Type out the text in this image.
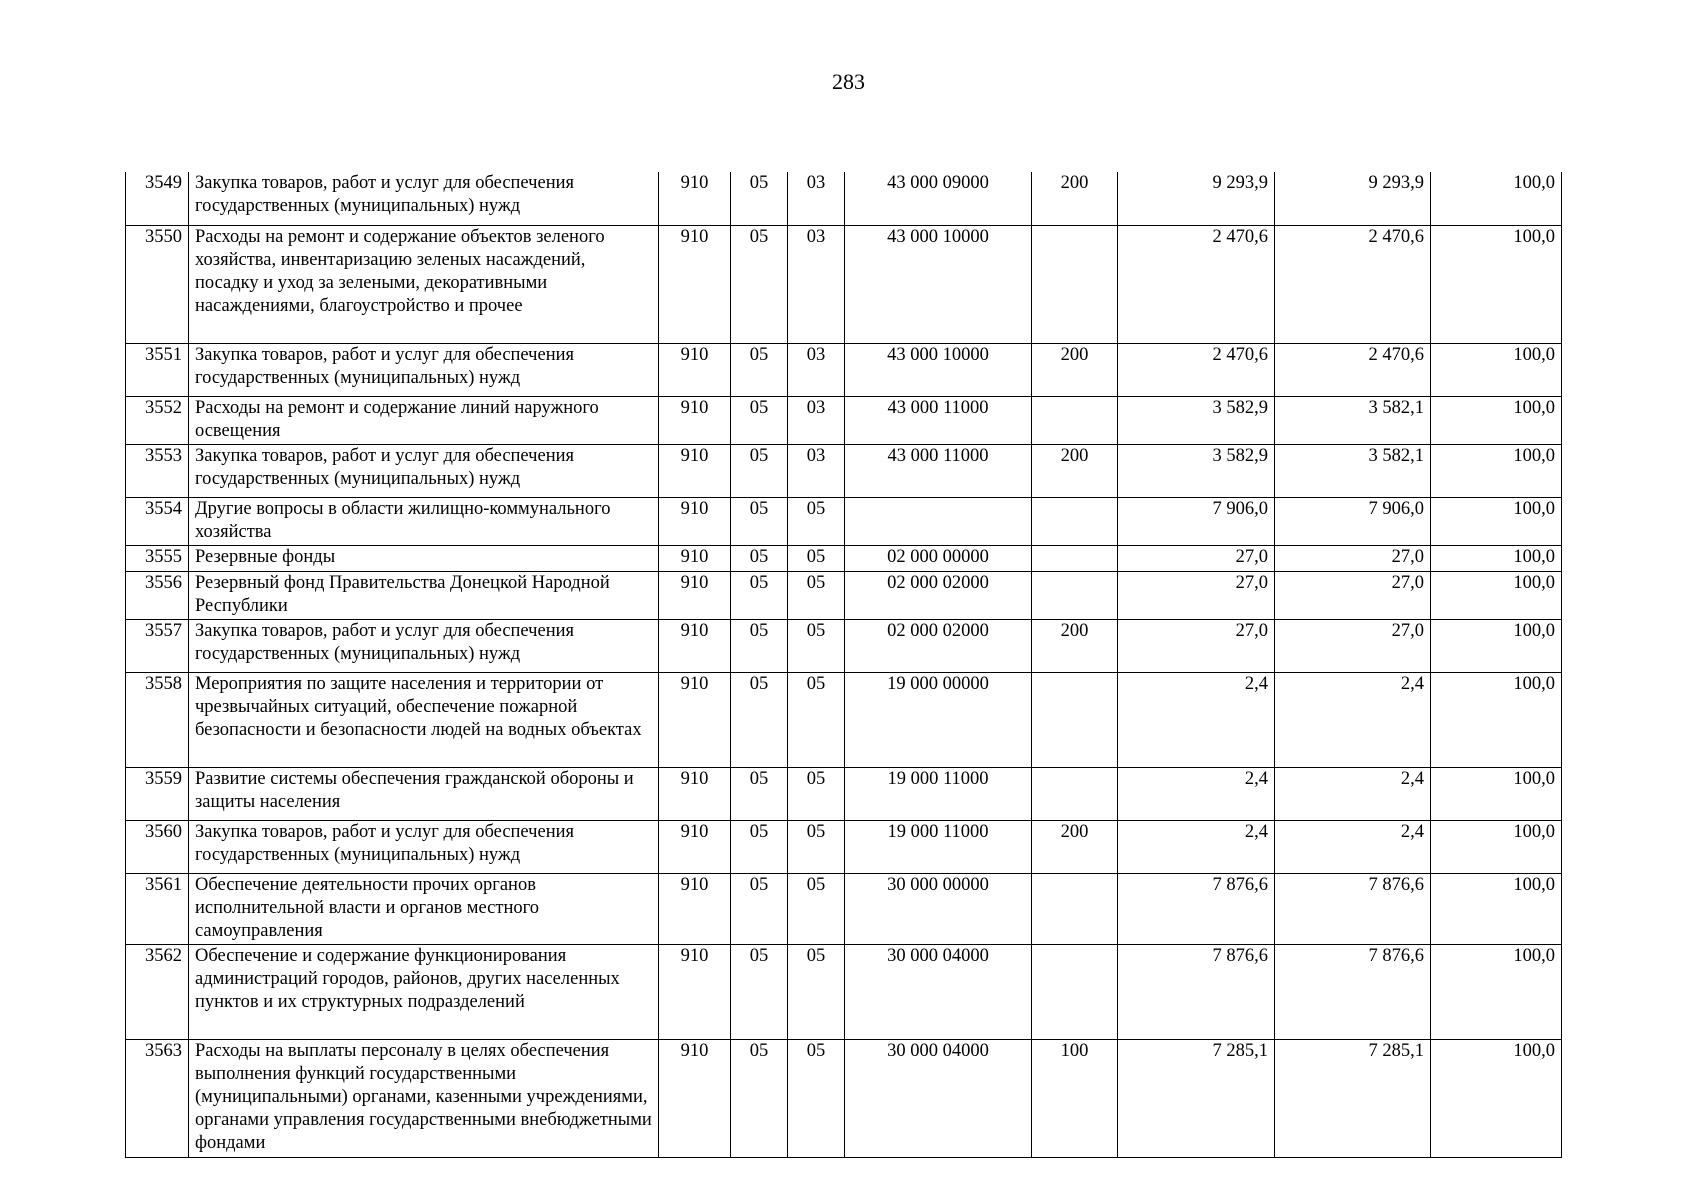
283
3549	Закупка товаров, работ и услуг для обеспечения государственных (муниципальных) нужд	910	05	03	43 000 09000	200	9 293,9	9 293,9	100,0
3550	Расходы на ремонт и содержание объектов зеленого хозяйства, инвентаризацию зеленых насаждений, посадку и уход за зелеными, декоративными насаждениями, благоустройство и прочее	910	05	03	43 000 10000		2 470,6	2 470,6	100,0
3551	Закупка товаров, работ и услуг для обеспечения государственных (муниципальных) нужд	910	05	03	43 000 10000	200	2 470,6	2 470,6	100,0
3552	Расходы на ремонт и содержание линий наружного освещения	910	05	03	43 000 11000		3 582,9	3 582,1	100,0
3553	Закупка товаров, работ и услуг для обеспечения государственных (муниципальных) нужд	910	05	03	43 000 11000	200	3 582,9	3 582,1	100,0
3554	Другие вопросы в области жилищно-коммунального хозяйства	910	05	05			7 906,0	7 906,0	100,0
3555	Резервные фонды	910	05	05	02 000 00000		27,0	27,0	100,0
3556	Резервный фонд Правительства Донецкой Народной Республики	910	05	05	02 000 02000		27,0	27,0	100,0
3557	Закупка товаров, работ и услуг для обеспечения государственных (муниципальных) нужд	910	05	05	02 000 02000	200	27,0	27,0	100,0
3558	Мероприятия по защите населения и территории от чрезвычайных ситуаций, обеспечение пожарной безопасности и безопасности людей на водных объектах	910	05	05	19 000 00000		2,4	2,4	100,0
3559	Развитие системы обеспечения гражданской обороны и защиты населения	910	05	05	19 000 11000		2,4	2,4	100,0
3560	Закупка товаров, работ и услуг для обеспечения государственных (муниципальных) нужд	910	05	05	19 000 11000	200	2,4	2,4	100,0
3561	Обеспечение деятельности прочих органов исполнительной власти и органов местного самоуправления	910	05	05	30 000 00000		7 876,6	7 876,6	100,0
3562	Обеспечение и содержание функционирования администраций городов, районов, других населенных пунктов и их структурных подразделений	910	05	05	30 000 04000		7 876,6	7 876,6	100,0
3563	Расходы на выплаты персоналу в целях обеспечения выполнения функций государственными (муниципальными) органами, казенными учреждениями, органами управления государственными внебюджетными фондами	910	05	05	30 000 04000	100	7 285,1	7 285,1	100,0
